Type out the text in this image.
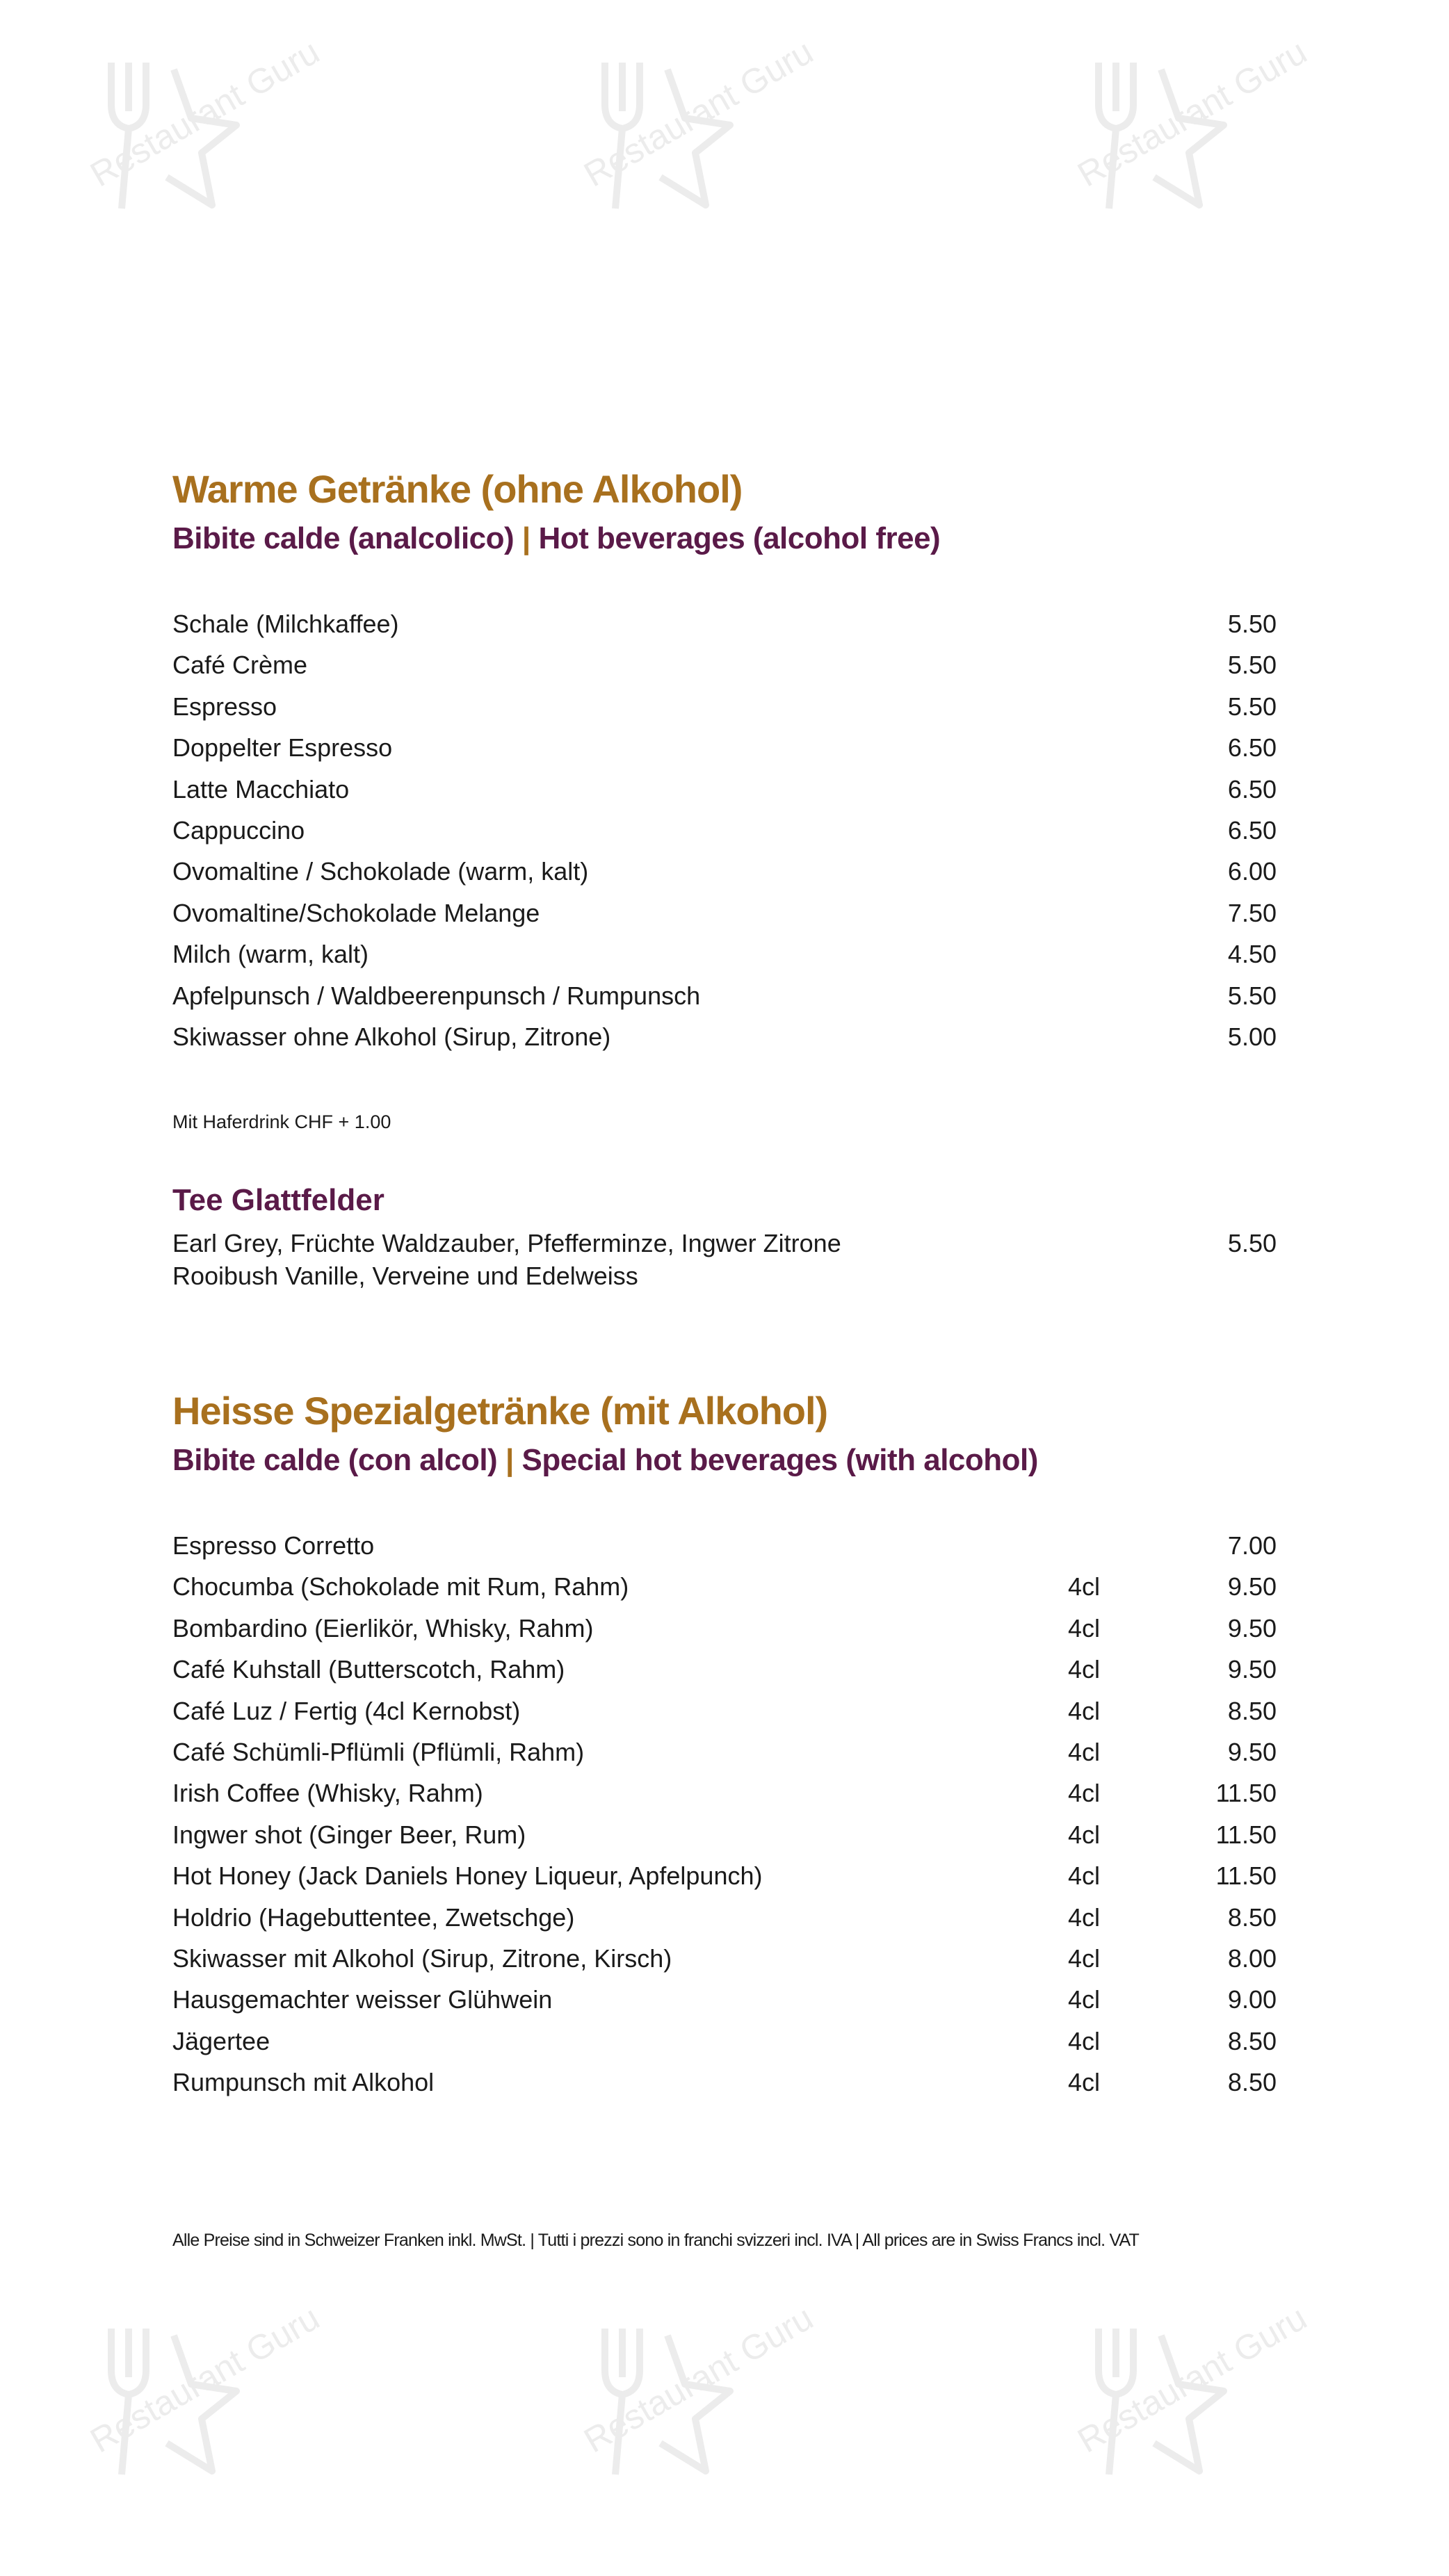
Restaurant Guru	Restaurant Guru	Restaurant Guru
Restaurant Guru	Restaurant Guru	Restaurant Guru
Warme Getränke (ohne Alkohol)
Bibite calde (analcolico) | Hot beverages (alcohol free)
Schale (Milchkaffee)	5.50
Café Crème	5.50
Espresso	5.50
Doppelter Espresso	6.50
Latte Macchiato	6.50
Cappuccino	6.50
Ovomaltine / Schokolade (warm, kalt)	6.00
Ovomaltine/Schokolade Melange	7.50
Milch (warm, kalt)	4.50
Apfelpunsch / Waldbeerenpunsch / Rumpunsch	5.50
Skiwasser ohne Alkohol (Sirup, Zitrone)	5.00
Mit Haferdrink CHF + 1.00
Tee Glattfelder
Earl Grey, Früchte Waldzauber, Pfefferminze, Ingwer Zitrone
Rooibush Vanille, Verveine und Edelweiss
5.50
Heisse Spezialgetränke (mit Alkohol)
Bibite calde (con alcol) | Special hot beverages (with alcohol)
Espresso Corretto	7.00
Chocumba (Schokolade mit Rum, Rahm)	4cl	9.50
Bombardino (Eierlikör, Whisky, Rahm)	4cl	9.50
Café Kuhstall (Butterscotch, Rahm)	4cl	9.50
Café Luz / Fertig (4cl Kernobst)	4cl	8.50
Café Schümli-Pflümli (Pflümli, Rahm)	4cl	9.50
Irish Coffee (Whisky, Rahm)	4cl	11.50
Ingwer shot (Ginger Beer, Rum)	4cl	11.50
Hot Honey (Jack Daniels Honey Liqueur, Apfelpunch)	4cl	11.50
Holdrio (Hagebuttentee, Zwetschge)	4cl	8.50
Skiwasser mit Alkohol (Sirup, Zitrone, Kirsch)	4cl	8.00
Hausgemachter weisser Glühwein	4cl	9.00
Jägertee	4cl	8.50
Rumpunsch mit Alkohol	4cl	8.50
Alle Preise sind in Schweizer Franken inkl. MwSt. | Tutti i prezzi sono in franchi svizzeri incl. IVA | All prices are in Swiss Francs incl. VAT
